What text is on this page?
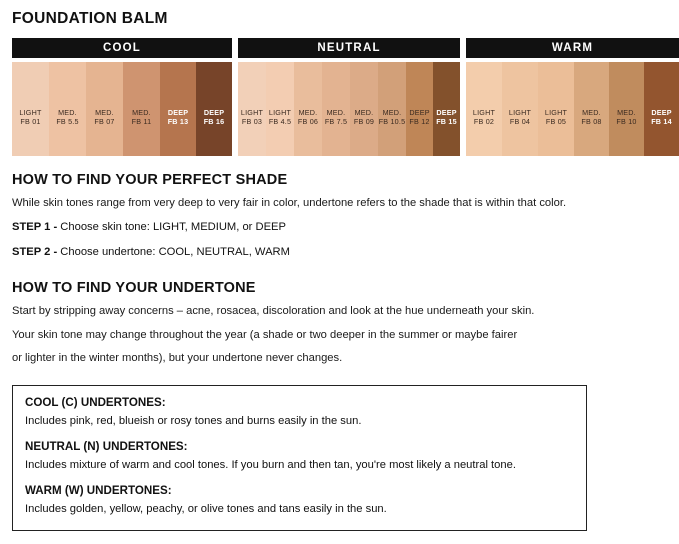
FOUNDATION BALM
COOL
LIGHT
FB 01
MED.
FB 5.5
MED.
FB 07
MED.
FB 11
DEEP
FB 13
DEEP
FB 16
NEUTRAL
LIGHT
FB 03
LIGHT
FB 4.5
MED.
FB 06
MED.
FB 7.5
MED.
FB 09
MED.
FB 10.5
DEEP
FB 12
DEEP
FB 15
WARM
LIGHT
FB 02
LIGHT
FB 04
LIGHT
FB 05
MED.
FB 08
MED.
FB 10
DEEP
FB 14
HOW TO FIND YOUR PERFECT SHADE

While skin tones range from very deep to very fair in color, undertone refers to the shade that is within that color.

STEP 1 - Choose skin tone: LIGHT, MEDIUM, or DEEP

STEP 2 - Choose undertone: COOL, NEUTRAL, WARM

HOW TO FIND YOUR UNDERTONE

Start by stripping away concerns – acne, rosacea, discoloration and look at the hue underneath your skin.

Your skin tone may change throughout the year (a shade or two deeper in the summer or maybe fairer

or lighter in the winter months), but your undertone never changes.

COOL (C) UNDERTONES:
Includes pink, red, blueish or rosy tones and burns easily in the sun.
NEUTRAL (N) UNDERTONES:
Includes mixture of warm and cool tones. If you burn and then tan, you're most likely a neutral tone.
WARM (W) UNDERTONES:
Includes golden, yellow, peachy, or olive tones and tans easily in the sun.
